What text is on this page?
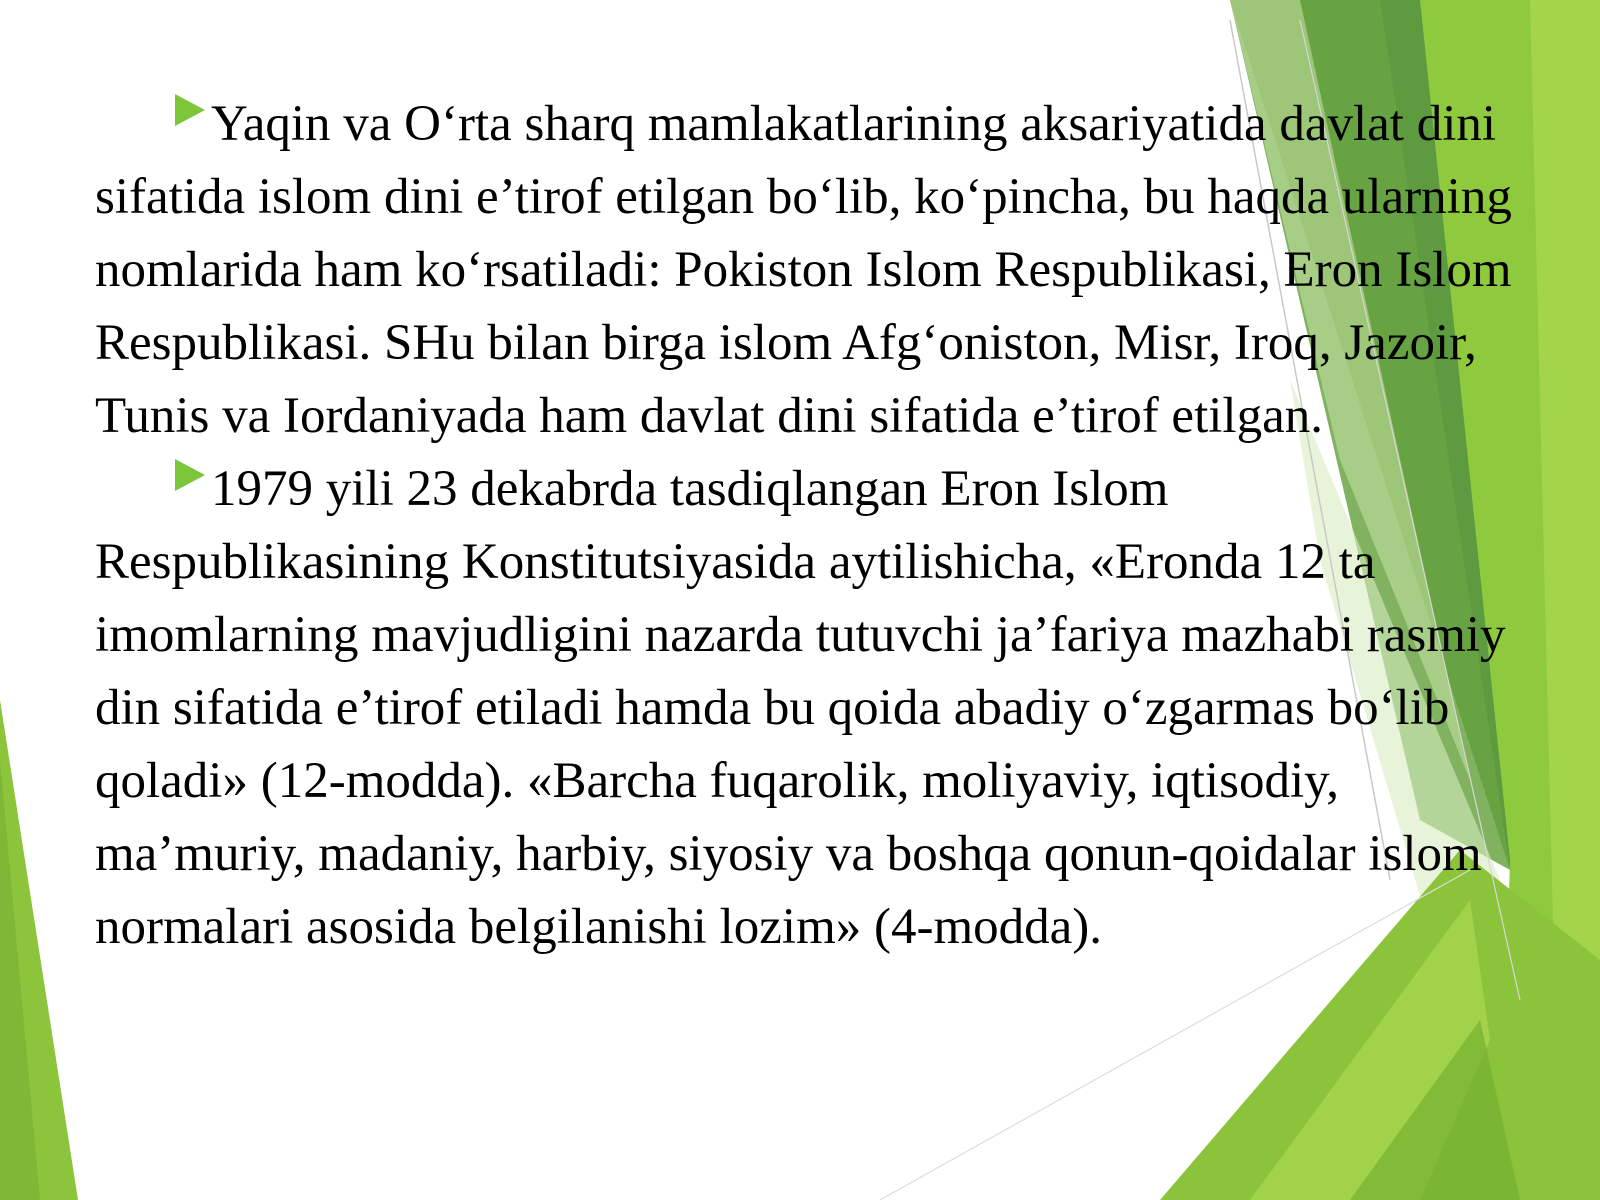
Yaqin va O‘rta sharq mamlakatlarining aksariyatida davlat dini sifatida islom dini e’tirof etilgan bo‘lib, ko‘pincha, bu haqda ularning nomlarida ham ko‘rsatiladi: Pokiston Islom Respublikasi, Eron Islom Respublikasi. SHu bilan birga islom Afg‘oniston, Misr, Iroq, Jazoir, Tunis va Iordaniyada ham davlat dini sifatida e’tirof etilgan.

1979 yili 23 dekabrda tasdiqlangan Eron Islom Respublikasining Konstitutsiyasida aytilishicha, «Eronda 12 ta imomlarning mavjudligini nazarda tutuvchi ja’fariya mazhabi rasmiy din sifatida e’tirof etiladi hamda bu qoida abadiy o‘zgarmas bo‘lib qoladi» (12-modda). «Barcha fuqarolik, moliyaviy, iqtisodiy, ma’muriy, madaniy, harbiy, siyosiy va boshqa qonun-qoidalar islom normalari asosida belgilanishi lozim» (4-modda).
